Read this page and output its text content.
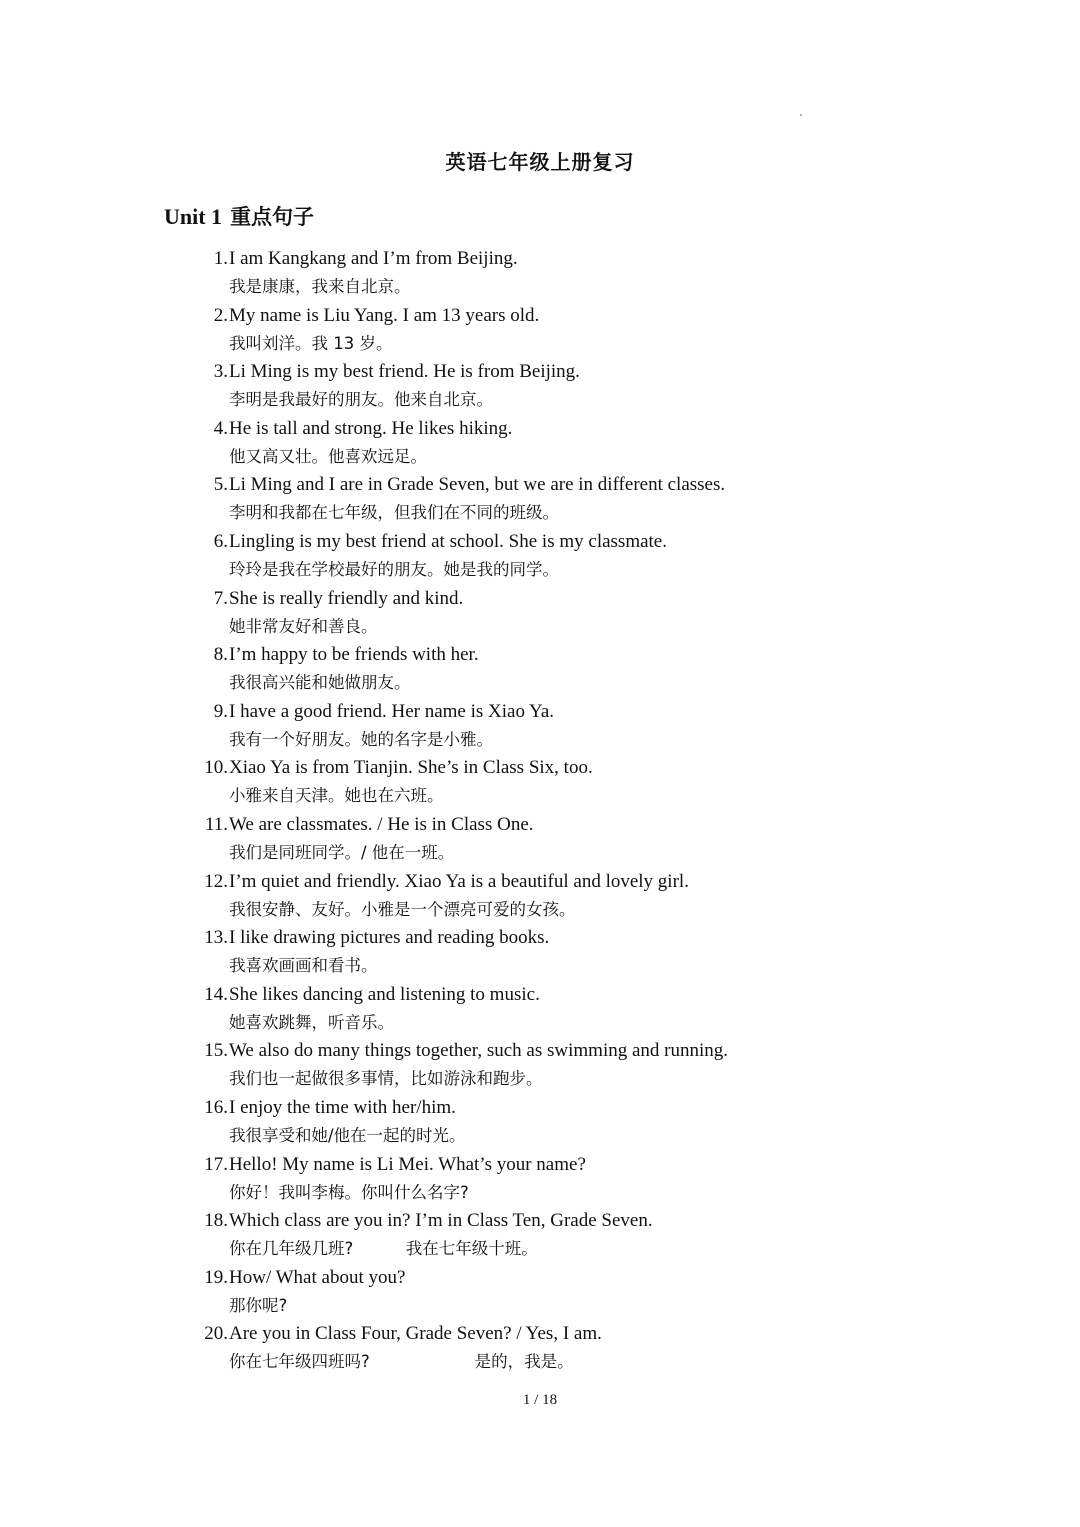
英语七年级上册复习
Unit 1 重点句子
1. I am Kangkang and I’m from Beijing.
我是康康，我来自北京。
2. My name is Liu Yang. I am 13 years old.
我叫刘洋。我 13 岁。
3. Li Ming is my best friend. He is from Beijing.
李明是我最好的朋友。他来自北京。
4. He is tall and strong. He likes hiking.
他又高又壮。他喜欢远足。
5. Li Ming and I are in Grade Seven, but we are in different classes.
李明和我都在七年级，但我们在不同的班级。
6. Lingling is my best friend at school. She is my classmate.
玲玲是我在学校最好的朋友。她是我的同学。
7. She is really friendly and kind.
她非常友好和善良。
8. I’m happy to be friends with her.
我很高兴能和她做朋友。
9. I have a good friend. Her name is Xiao Ya.
我有一个好朋友。她的名字是小雅。
10. Xiao Ya is from Tianjin. She’s in Class Six, too.
小雅来自天津。她也在六班。
11. We are classmates. / He is in Class One.
我们是同班同学。/ 他在一班。
12. I’m quiet and friendly. Xiao Ya is a beautiful and lovely girl.
我很安静、友好。小雅是一个漂亮可爱的女孩。
13. I like drawing pictures and reading books.
我喜欢画画和看书。
14. She likes dancing and listening to music.
她喜欢跳舞，听音乐。
15. We also do many things together, such as swimming and running.
我们也一起做很多事情，比如游泳和跑步。
16. I enjoy the time with her/him.
我很享受和她/他在一起的时光。
17. Hello! My name is Li Mei. What’s your name?
你好！我叫李梅。你叫什么名字?
18. Which class are you in? I’m in Class Ten, Grade Seven.
你在几年级几班?          我在七年级十班。
19. How/ What about you?
那你呢?
20. Are you in Class Four, Grade Seven? / Yes, I am.
你在七年级四班吗?                    是的，我是。
1 / 18
